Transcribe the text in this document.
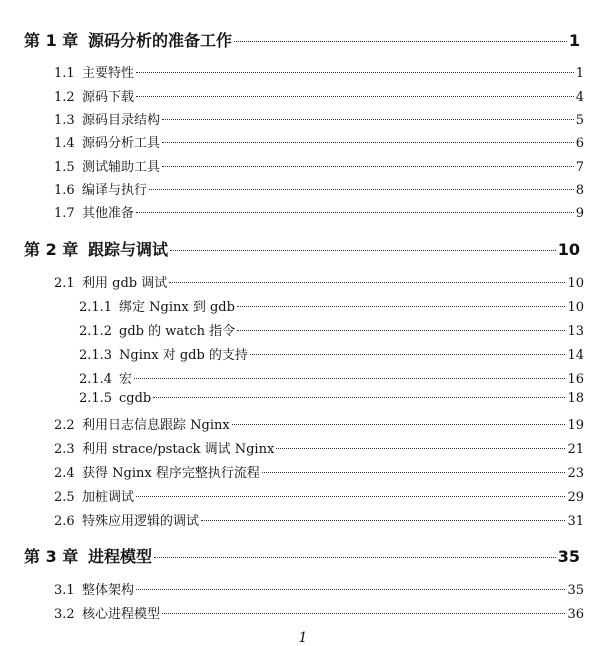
第 1 章 源码分析的准备工作	1
1.1 主要特性	1
1.2 源码下载	4
1.3 源码目录结构	5
1.4 源码分析工具	6
1.5 测试辅助工具	7
1.6 编译与执行	8
1.7 其他准备	9
第 2 章 跟踪与调试	10
2.1 利用 gdb 调试	10
2.1.1 绑定 Nginx 到 gdb	10
2.1.2 gdb 的 watch 指令	13
2.1.3 Nginx 对 gdb 的支持	14
2.1.4 宏	16
2.1.5 cgdb	18
2.2 利用日志信息跟踪 Nginx	19
2.3 利用 strace/pstack 调试 Nginx	21
2.4 获得 Nginx 程序完整执行流程	23
2.5 加桩调试	29
2.6 特殊应用逻辑的调试	31
第 3 章 进程模型	35
3.1 整体架构	35
3.2 核心进程模型	36
1
